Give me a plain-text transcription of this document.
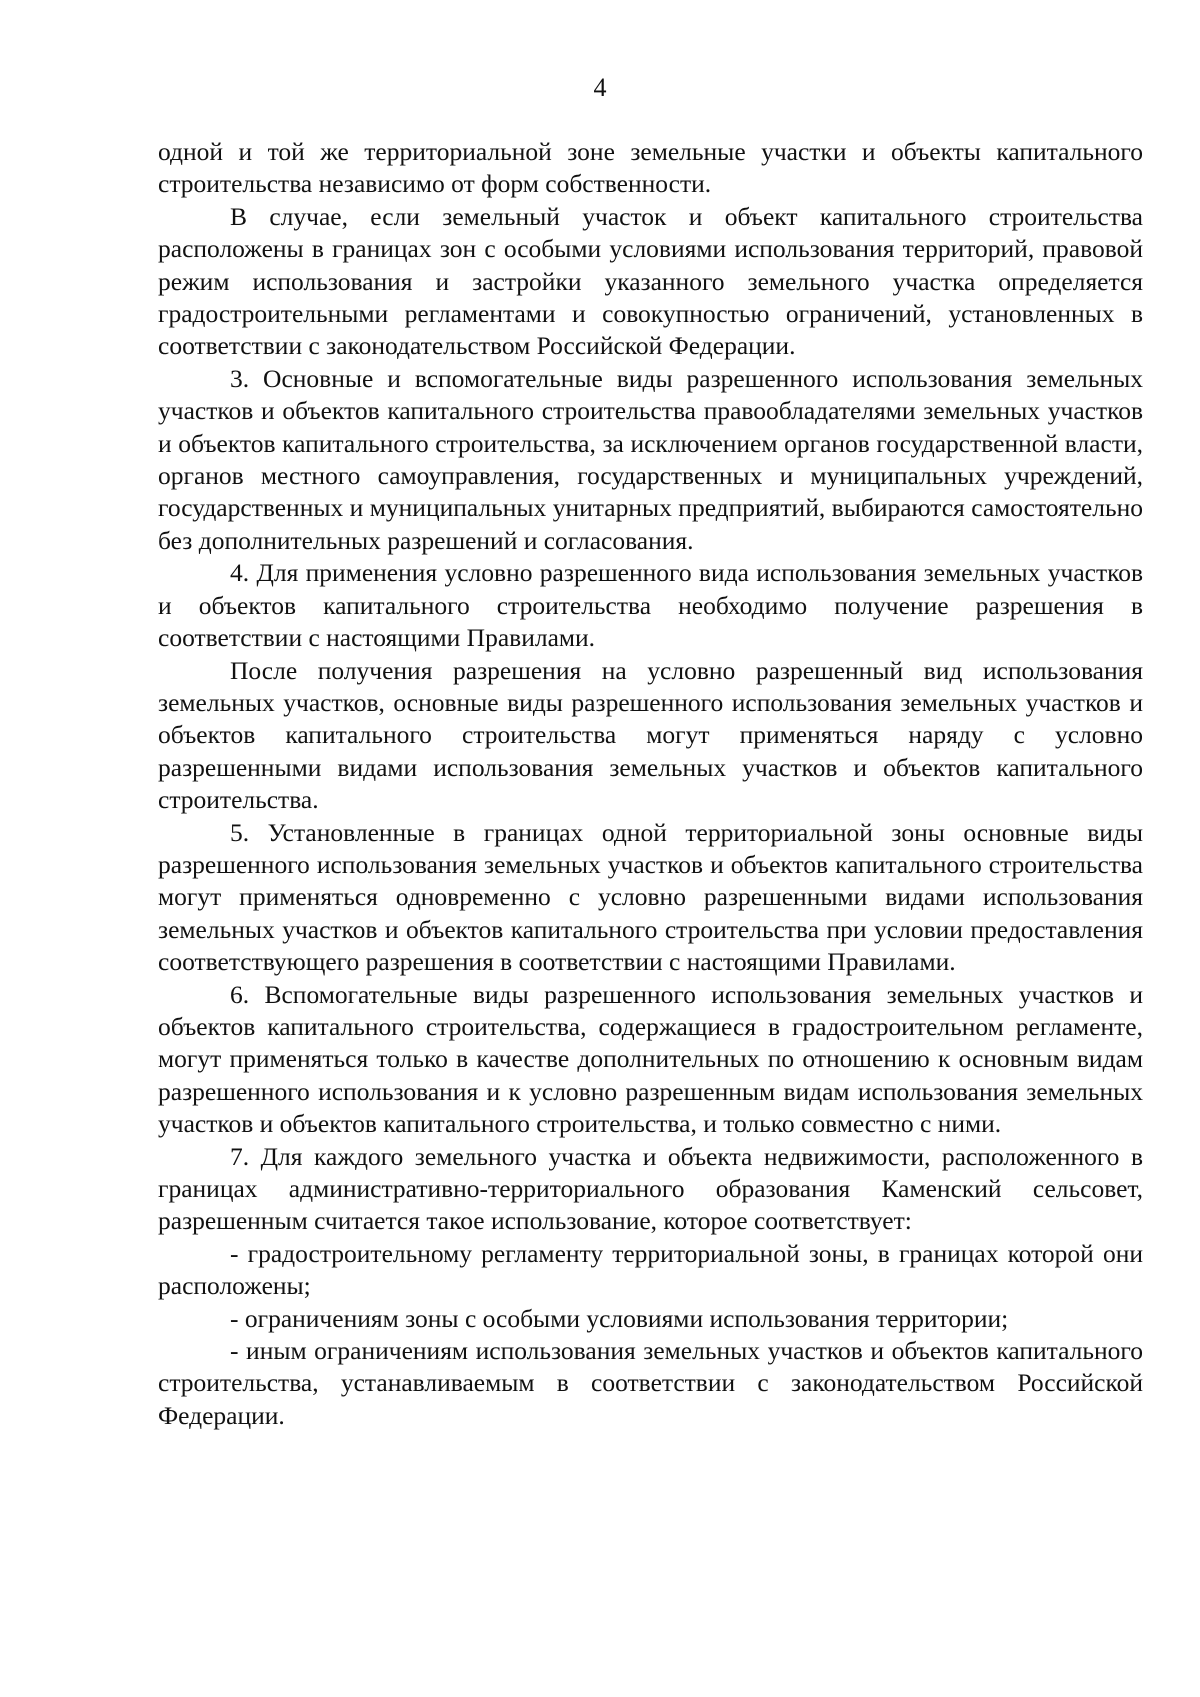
4

одной и той же территориальной зоне земельные участки и объекты капитального строительства независимо от форм собственности.

В случае, если земельный участок и объект капитального строительства расположены в границах зон с особыми условиями использования территорий, правовой режим использования и застройки указанного земельного участка определяется градостроительными регламентами и совокупностью ограничений, установленных в соответствии с законодательством Российской Федерации.

3. Основные и вспомогательные виды разрешенного использования земельных участков и объектов капитального строительства правообладателями земельных участков и объектов капитального строительства, за исключением органов государственной власти, органов местного самоуправления, государственных и муниципальных учреждений, государственных и муниципальных унитарных предприятий, выбираются самостоятельно без дополнительных разрешений и согласования.

4. Для применения условно разрешенного вида использования земельных участков и объектов капитального строительства необходимо получение разрешения в соответствии с настоящими Правилами.

После получения разрешения на условно разрешенный вид использования земельных участков, основные виды разрешенного использования земельных участков и объектов капитального строительства могут применяться наряду с условно разрешенными видами использования земельных участков и объектов капитального строительства.

5. Установленные в границах одной территориальной зоны основные виды разрешенного использования земельных участков и объектов капитального строительства могут применяться одновременно с условно разрешенными видами использования земельных участков и объектов капитального строительства при условии предоставления соответствующего разрешения в соответствии с настоящими Правилами.

6. Вспомогательные виды разрешенного использования земельных участков и объектов капитального строительства, содержащиеся в градостроительном регламенте, могут применяться только в качестве дополнительных по отношению к основным видам разрешенного использования и к условно разрешенным видам использования земельных участков и объектов капитального строительства, и только совместно с ними.

7. Для каждого земельного участка и объекта недвижимости, расположенного в границах административно-территориального образования Каменский сельсовет, разрешенным считается такое использование, которое соответствует:

- градостроительному регламенту территориальной зоны, в границах которой они расположены;

- ограничениям зоны с особыми условиями использования территории;

- иным ограничениям использования земельных участков и объектов капитального строительства, устанавливаемым в соответствии с законодательством Российской Федерации.
